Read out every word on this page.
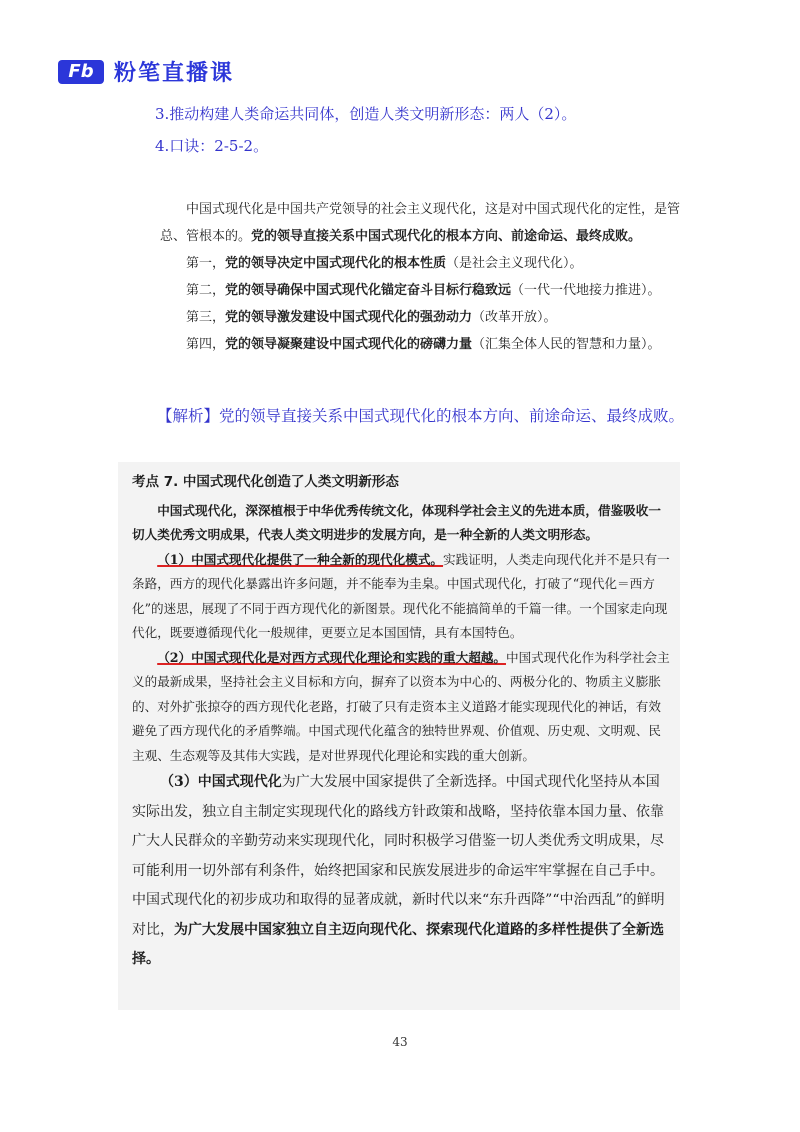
Fb 粉笔直播课
3.推动构建人类命运共同体，创造人类文明新形态：两人（2）。
4.口诀：2-5-2。

中国式现代化是中国共产党领导的社会主义现代化，这是对中国式现代化的定性，是管总、管根本的。党的领导直接关系中国式现代化的根本方向、前途命运、最终成败。

第一，党的领导决定中国式现代化的根本性质（是社会主义现代化）。

第二，党的领导确保中国式现代化锚定奋斗目标行稳致远（一代一代地接力推进）。

第三，党的领导激发建设中国式现代化的强劲动力（改革开放）。

第四，党的领导凝聚建设中国式现代化的磅礴力量（汇集全体人民的智慧和力量）。

【解析】党的领导直接关系中国式现代化的根本方向、前途命运、最终成败。

考点 7. 中国式现代化创造了人类文明新形态

中国式现代化，深深植根于中华优秀传统文化，体现科学社会主义的先进本质，借鉴吸收一切人类优秀文明成果，代表人类文明进步的发展方向，是一种全新的人类文明形态。

（1）中国式现代化提供了一种全新的现代化模式。实践证明，人类走向现代化并不是只有一条路，西方的现代化暴露出许多问题，并不能奉为圭臬。中国式现代化，打破了“现代化＝西方化”的迷思，展现了不同于西方现代化的新图景。现代化不能搞简单的千篇一律。一个国家走向现代化，既要遵循现代化一般规律，更要立足本国国情，具有本国特色。

（2）中国式现代化是对西方式现代化理论和实践的重大超越。中国式现代化作为科学社会主义的最新成果，坚持社会主义目标和方向，摒弃了以资本为中心的、两极分化的、物质主义膨胀的、对外扩张掠夺的西方现代化老路，打破了只有走资本主义道路才能实现现代化的神话，有效避免了西方现代化的矛盾弊端。中国式现代化蕴含的独特世界观、价值观、历史观、文明观、民主观、生态观等及其伟大实践，是对世界现代化理论和实践的重大创新。

（3）中国式现代化为广大发展中国家提供了全新选择。中国式现代化坚持从本国实际出发，独立自主制定实现现代化的路线方针政策和战略，坚持依靠本国力量、依靠广大人民群众的辛勤劳动来实现现代化，同时积极学习借鉴一切人类优秀文明成果，尽可能利用一切外部有利条件，始终把国家和民族发展进步的命运牢牢掌握在自己手中。中国式现代化的初步成功和取得的显著成就，新时代以来“东升西降”“中治西乱”的鲜明对比，为广大发展中国家独立自主迈向现代化、探索现代化道路的多样性提供了全新选择。

43
